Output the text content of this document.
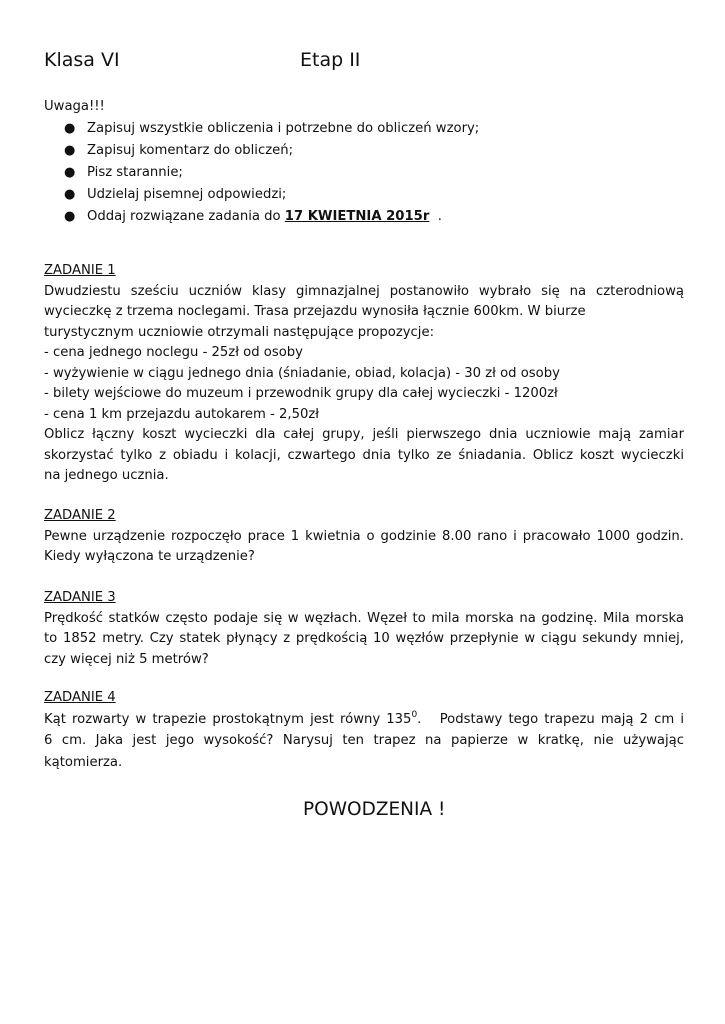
Klasa VI	Etap II
Uwaga!!!
● Zapisuj wszystkie obliczenia i potrzebne do obliczeń wzory;
● Zapisuj komentarz do obliczeń;
● Pisz starannie;
● Udzielaj pisemnej odpowiedzi;
● Oddaj rozwiązane zadania do 17 KWIETNIA 2015r  .
ZADANIE 1
Dwudziestu sześciu uczniów klasy gimnazjalnej postanowiło wybrało się na czterodniową
wycieczkę z trzema noclegami. Trasa przejazdu wynosiła łącznie 600km. W biurze
turystycznym uczniowie otrzymali następujące propozycje:
- cena jednego noclegu - 25zł od osoby
- wyżywienie w ciągu jednego dnia (śniadanie, obiad, kolacja) - 30 zł od osoby
- bilety wejściowe do muzeum i przewodnik grupy dla całej wycieczki - 1200zł
- cena 1 km przejazdu autokarem - 2,50zł
Oblicz łączny koszt wycieczki dla całej grupy, jeśli pierwszego dnia uczniowie mają zamiar
skorzystać tylko z obiadu i kolacji, czwartego dnia tylko ze śniadania. Oblicz koszt wycieczki
na jednego ucznia.
ZADANIE 2
Pewne urządzenie rozpoczęło prace 1 kwietnia o godzinie 8.00 rano i pracowało 1000 godzin.
Kiedy wyłączona te urządzenie?
ZADANIE 3
Prędkość statków często podaje się w węzłach. Węzeł to mila morska na godzinę. Mila morska
to 1852 metry. Czy statek płynący z prędkością 10 węzłów przepłynie w ciągu sekundy mniej,
czy więcej niż 5 metrów?
ZADANIE 4
Kąt rozwarty w trapezie prostokątnym jest równy $135^0$.   Podstawy tego trapezu mają 2 cm i
6 cm. Jaka jest jego wysokość? Narysuj ten trapez na papierze w kratkę, nie używając
kątomierza.
POWODZENIA !
